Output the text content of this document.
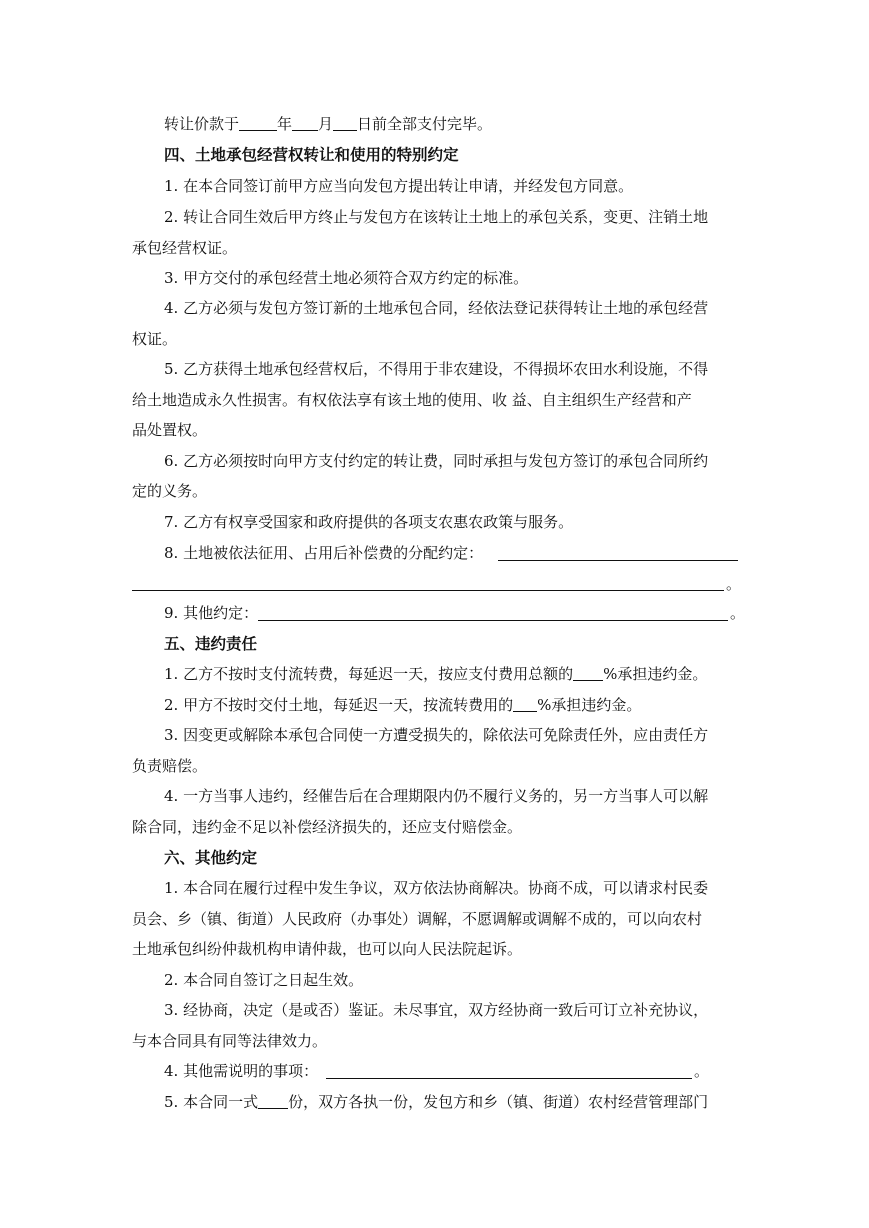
转让价款于	年 月 日前全部支付完毕。
四、土地承包经营权转让和使用的特别约定
1. 在本合同签订前甲方应当向发包方提出转让申请，并经发包方同意。
2. 转让合同生效后甲方终止与发包方在该转让土地上的承包关系，变更、注销土地
承包经营权证。
3. 甲方交付的承包经营土地必须符合双方约定的标准。
4. 乙方必须与发包方签订新的土地承包合同，经依法登记获得转让土地的承包经营
权证。
5. 乙方获得土地承包经营权后，不得用于非农建设，不得损坏农田水利设施，不得
给土地造成永久性损害。有权依法享有该土地的使用、收 益、自主组织生产经营和产
品处置权。
6. 乙方必须按时向甲方支付约定的转让费，同时承担与发包方签订的承包合同所约
定的义务。
7. 乙方有权享受国家和政府提供的各项支农惠农政策与服务。
8. 土地被依法征用、占用后补偿费的分配约定：
。
9. 其他约定：	。
五、违约责任
1. 乙方不按时支付流转费，每延迟一天，按应支付费用总额的 %承担违约金。
2. 甲方不按时交付土地，每延迟一天，按流转费用的 %承担违约金。
3. 因变更或解除本承包合同使一方遭受损失的，除依法可免除责任外，应由责任方
负责赔偿。
4. 一方当事人违约，经催告后在合理期限内仍不履行义务的，另一方当事人可以解
除合同，违约金不足以补偿经济损失的，还应支付赔偿金。
六、其他约定
1. 本合同在履行过程中发生争议，双方依法协商解决。协商不成，可以请求村民委
员会、乡（镇、街道）人民政府（办事处）调解，不愿调解或调解不成的，可以向农村
土地承包纠纷仲裁机构申请仲裁，也可以向人民法院起诉。
2. 本合同自签订之日起生效。
3. 经协商，决定（是或否）鉴证。未尽事宜，双方经协商一致后可订立补充协议，
与本合同具有同等法律效力。
4. 其他需说明的事项：	。
5. 本合同一式 份，双方各执一份，发包方和乡（镇、街道）农村经营管理部门
